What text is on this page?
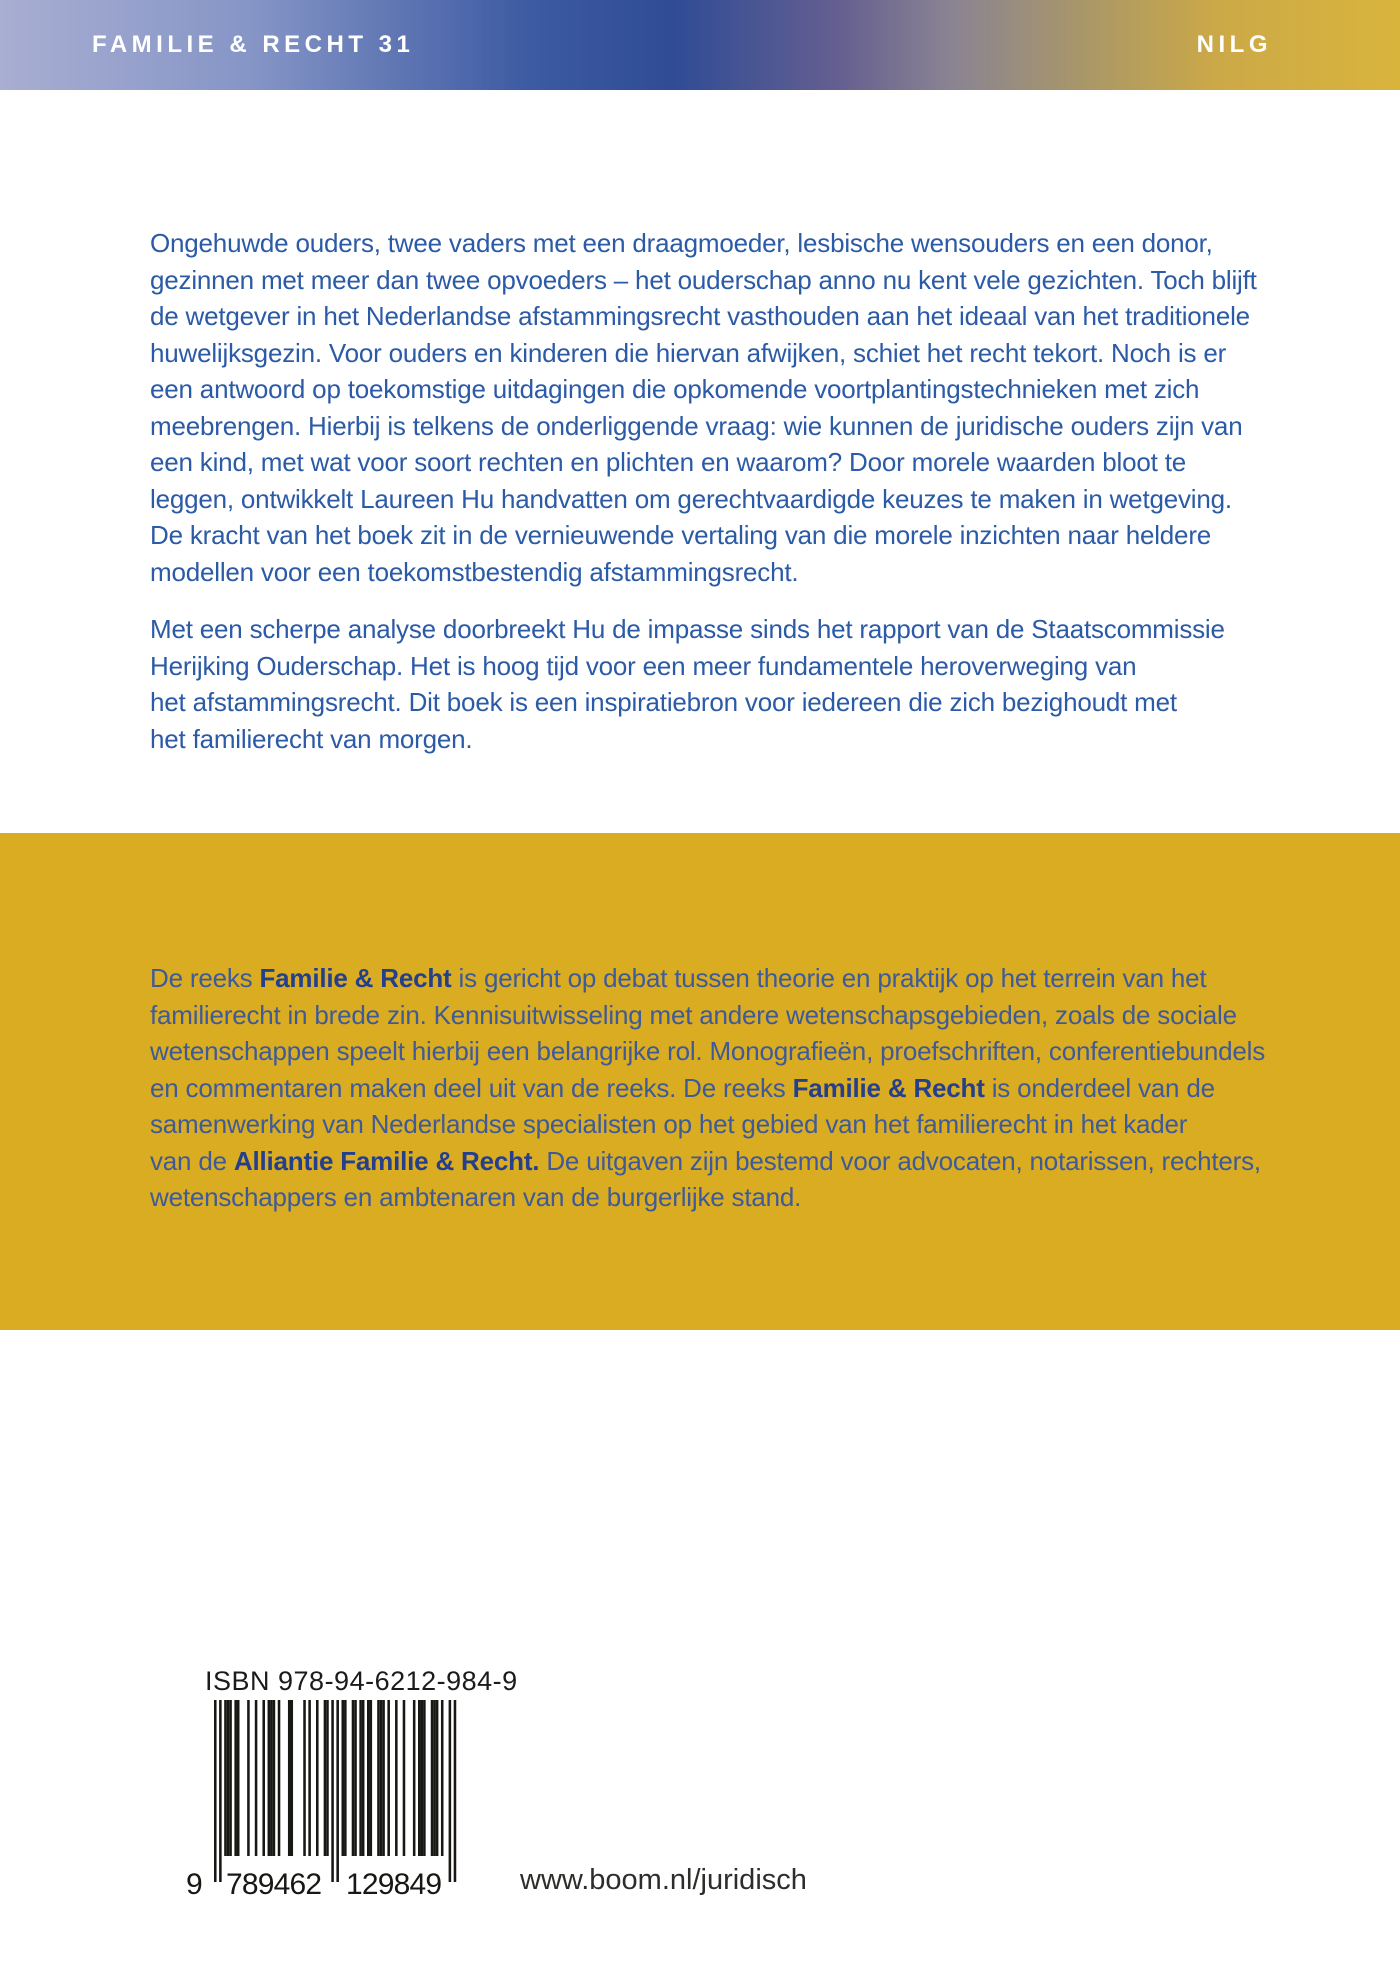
FAMILIE & RECHT 31	NILG
Ongehuwde ouders, twee vaders met een draagmoeder, lesbische wensouders en een donor,
gezinnen met meer dan twee opvoeders – het ouderschap anno nu kent vele gezichten. Toch blijft
de wetgever in het Nederlandse afstammingsrecht vasthouden aan het ideaal van het traditionele
huwelijksgezin. Voor ouders en kinderen die hiervan afwijken, schiet het recht tekort. Noch is er
een antwoord op toekomstige uitdagingen die opkomende voortplantingstechnieken met zich
meebrengen. Hierbij is telkens de onderliggende vraag: wie kunnen de juridische ouders zijn van
een kind, met wat voor soort rechten en plichten en waarom? Door morele waarden bloot te
leggen, ontwikkelt Laureen Hu handvatten om gerechtvaardigde keuzes te maken in wetgeving.
De kracht van het boek zit in de vernieuwende vertaling van die morele inzichten naar heldere
modellen voor een toekomstbestendig afstammingsrecht.
Met een scherpe analyse doorbreekt Hu de impasse sinds het rapport van de Staatscommissie
Herijking Ouderschap. Het is hoog tijd voor een meer fundamentele heroverweging van
het afstammingsrecht. Dit boek is een inspiratiebron voor iedereen die zich bezighoudt met
het familierecht van morgen.
De reeks Familie & Recht is gericht op debat tussen theorie en praktijk op het terrein van het
familierecht in brede zin. Kennisuitwisseling met andere wetenschapsgebieden, zoals de sociale
wetenschappen speelt hierbij een belangrijke rol. Monografieën, proefschriften, conferentiebundels
en commentaren maken deel uit van de reeks. De reeks Familie & Recht is onderdeel van de
samenwerking van Nederlandse specialisten op het gebied van het familierecht in het kader
van de Alliantie Familie & Recht. De uitgaven zijn bestemd voor advocaten, notarissen, rechters,
wetenschappers en ambtenaren van de burgerlijke stand.
ISBN 978-94-6212-984-9
9 789462 129849	www.boom.nl/juridisch
